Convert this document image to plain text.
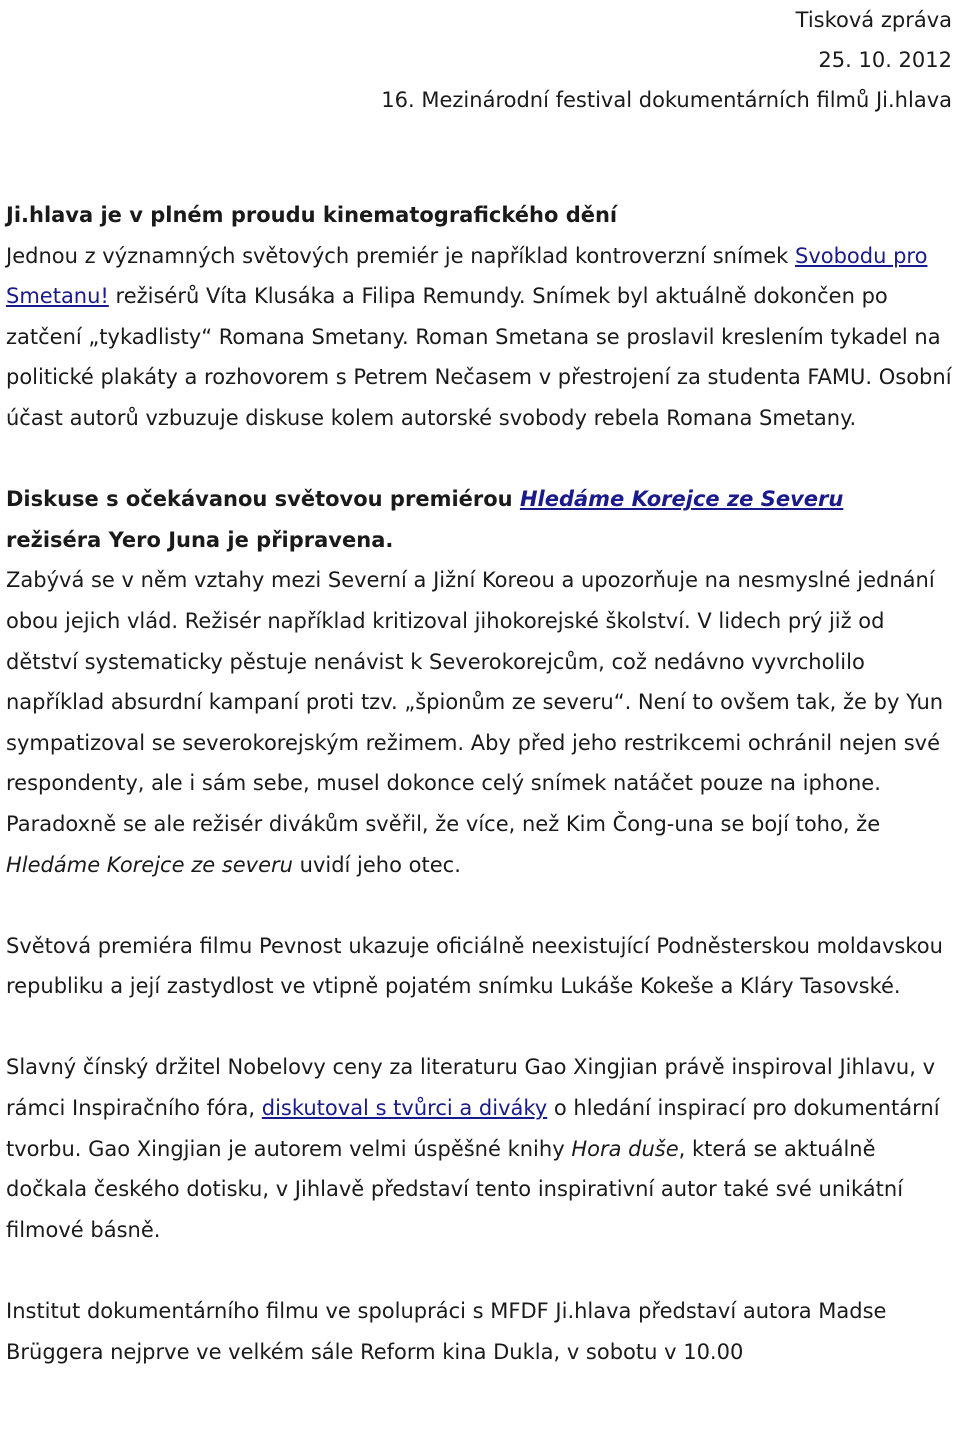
Tisková zpráva
25. 10. 2012
16. Mezinárodní festival dokumentárních filmů Ji.hlava

Ji.hlava je v plném proudu kinematografického dění

Jednou z významných světových premiér je například kontroverzní snímek Svobodu pro Smetanu! režisérů Víta Klusáka a Filipa Remundy. Snímek byl aktuálně dokončen po zatčení „tykadlisty“ Romana Smetany. Roman Smetana se proslavil kreslením tykadel na politické plakáty a rozhovorem s Petrem Nečasem v přestrojení za studenta FAMU. Osobní účast autorů vzbuzuje diskuse kolem autorské svobody rebela Romana Smetany.

Diskuse s očekávanou světovou premiérou Hledáme Korejce ze Severu
režiséra Yero Juna je připravena.

Zabývá se v něm vztahy mezi Severní a Jižní Koreou a upozorňuje na nesmyslné jednání obou jejich vlád. Režisér například kritizoval jihokorejské školství. V lidech prý již od dětství systematicky pěstuje nenávist k Severokorejcům, což nedávno vyvrcholilo například absurdní kampaní proti tzv. „špionům ze severu“. Není to ovšem tak, že by Yun sympatizoval se severokorejským režimem. Aby před jeho restrikcemi ochránil nejen své respondenty, ale i sám sebe, musel dokonce celý snímek natáčet pouze na iphone. Paradoxně se ale režisér divákům svěřil, že více, než Kim Čong-una se bojí toho, že Hledáme Korejce ze severu uvidí jeho otec.

Světová premiéra filmu Pevnost ukazuje oficiálně neexistující Podněsterskou moldavskou republiku a její zastydlost ve vtipně pojatém snímku Lukáše Kokeše a Kláry Tasovské.

Slavný čínský držitel Nobelovy ceny za literaturu Gao Xingjian právě inspiroval Jihlavu, v rámci Inspiračního fóra, diskutoval s tvůrci a diváky o hledání inspirací pro dokumentární tvorbu. Gao Xingjian je autorem velmi úspěšné knihy Hora duše, která se aktuálně dočkala českého dotisku, v Jihlavě představí tento inspirativní autor také své unikátní filmové básně.

Institut dokumentárního filmu ve spolupráci s MFDF Ji.hlava představí autora Madse Brüggera nejprve ve velkém sále Reform kina Dukla, v sobotu v 10.00
